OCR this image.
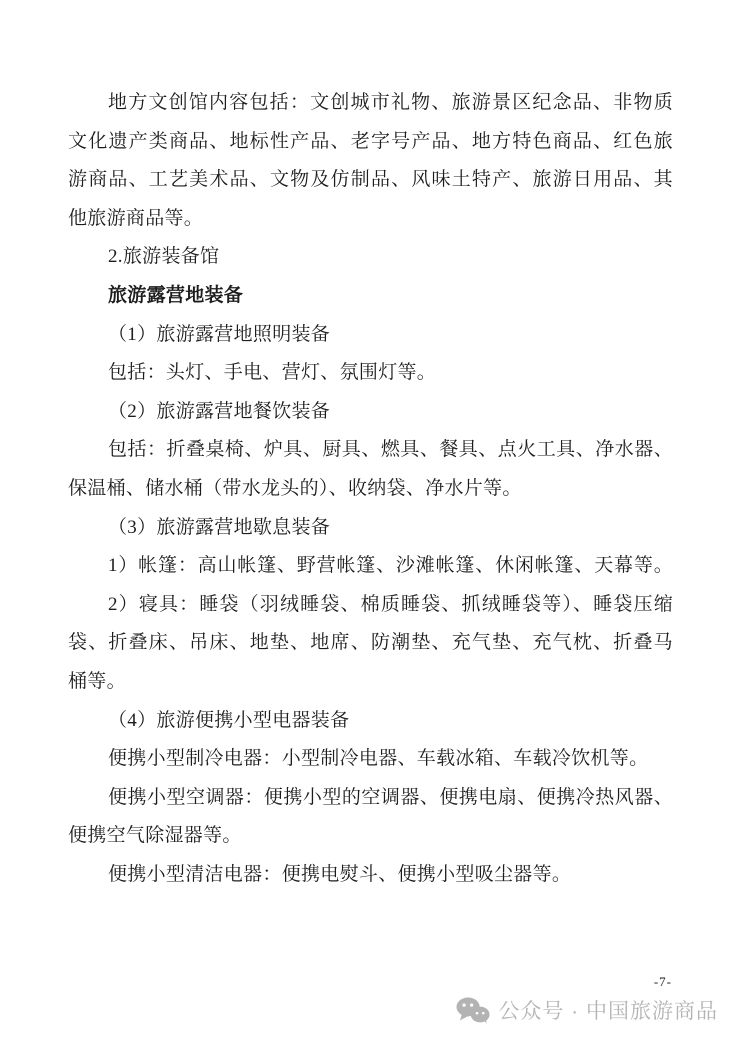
地方文创馆内容包括：文创城市礼物、旅游景区纪念品、非物质
文化遗产类商品、地标性产品、老字号产品、地方特色商品、红色旅
游商品、工艺美术品、文物及仿制品、风味土特产、旅游日用品、其
他旅游商品等。
2.旅游装备馆
旅游露营地装备
（1）旅游露营地照明装备
包括：头灯、手电、营灯、氛围灯等。
（2）旅游露营地餐饮装备
包括：折叠桌椅、炉具、厨具、燃具、餐具、点火工具、净水器、
保温桶、储水桶（带水龙头的）、收纳袋、净水片等。
（3）旅游露营地歇息装备
1）帐篷：高山帐篷、野营帐篷、沙滩帐篷、休闲帐篷、天幕等。
2）寝具：睡袋（羽绒睡袋、棉质睡袋、抓绒睡袋等）、睡袋压缩
袋、折叠床、吊床、地垫、地席、防潮垫、充气垫、充气枕、折叠马
桶等。
（4）旅游便携小型电器装备
便携小型制冷电器：小型制冷电器、车载冰箱、车载冷饮机等。
便携小型空调器：便携小型的空调器、便携电扇、便携冷热风器、
便携空气除湿器等。
便携小型清洁电器：便携电熨斗、便携小型吸尘器等。
-7-
公众号 · 中国旅游商品
